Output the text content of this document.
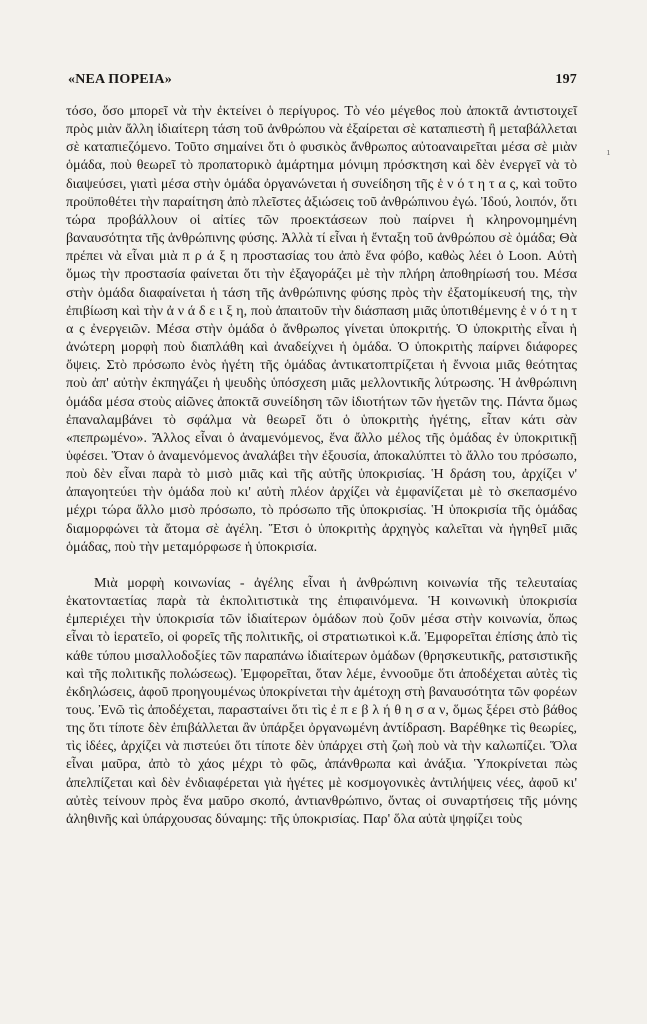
«ΝΕΑ ΠΟΡΕΙΑ»	197

τόσο, ὅσο μπορεῖ νὰ τὴν ἐκτείνει ὁ περίγυρος. Τὸ νέο μέγεθος ποὺ ἀποκτᾶ ἀντιστοιχεῖ πρὸς μιὰν ἄλλη ἰδιαίτερη τάση τοῦ ἀνθρώπου νὰ ἐξαίρεται σὲ καταπιεστὴ ἢ μεταβάλλεται σὲ καταπιεζόμενο. Τοῦτο σημαίνει ὅτι ὁ φυσικὸς ἄνθρωπος αὐτοαναιρεῖται μέσα σὲ μιὰν ὁμάδα, ποὺ θεωρεῖ τὸ προπατορικὸ ἁμάρτημα μόνιμη πρόσκτηση καὶ δὲν ἐνεργεῖ νὰ τὸ διαψεύσει, γιατὶ μέσα στὴν ὁμάδα ὀργανώνεται ἡ συνείδηση τῆς ἑ ν ό τ η τ α ς, καὶ τοῦτο προϋποθέτει τὴν παραίτηση ἀπὸ πλεῖστες ἀξιώσεις τοῦ ἀνθρώπινου ἐγώ. Ἰδού, λοιπόν, ὅτι τώρα προβάλλουν οἱ αἰτίες τῶν προεκτάσεων ποὺ παίρνει ἡ κληρονομημένη βαναυσότητα τῆς ἀνθρώπινης φύσης. Ἀλλὰ τί εἶναι ἡ ἔνταξη τοῦ ἀνθρώπου σὲ ὁμάδα; Θὰ πρέπει νὰ εἶναι μιὰ π ρ ά ξ η προστασίας του ἀπὸ ἕνα φόβο, καθὼς λέει ὁ Loon. Αὐτὴ ὅμως τὴν προστασία φαίνεται ὅτι τὴν ἐξαγοράζει μὲ τὴν πλήρη ἀποθηρίωσή του. Μέσα στὴν ὁμάδα διαφαίνεται ἡ τάση τῆς ἀνθρώπινης φύσης πρὸς τὴν ἐξατομίκευσή της, τὴν ἐπιβίωση καὶ τὴν ἀ ν ά δ ε ι ξ η, ποὺ ἀπαιτοῦν τὴν διάσπαση μιᾶς ὑποτιθέμενης ἑ ν ό τ η τ α ς ἐνεργειῶν. Μέσα στὴν ὁμάδα ὁ ἄνθρωπος γίνεται ὑποκριτής. Ὁ ὑποκριτὴς εἶναι ἡ ἀνώτερη μορφὴ ποὺ διαπλάθη καὶ ἀναδείχνει ἡ ὁμάδα. Ὁ ὑποκριτὴς παίρνει διάφορες ὄψεις. Στὸ πρόσωπο ἑνὸς ἡγέτη τῆς ὁμάδας ἀντικατοπτρίζεται ἡ ἔννοια μιᾶς θεότητας ποὺ ἀπ' αὐτὴν ἐκπηγάζει ἡ ψευδὴς ὑπόσχεση μιᾶς μελλοντικῆς λύτρωσης. Ἡ ἀνθρώπινη ὁμάδα μέσα στοὺς αἰῶνες ἀποκτᾶ συνείδηση τῶν ἰδιοτήτων τῶν ἡγετῶν της. Πάντα ὅμως ἐπαναλαμβάνει τὸ σφάλμα νὰ θεωρεῖ ὅτι ὁ ὑποκριτὴς ἡγέτης, εἶταν κάτι σὰν «πεπρωμένο». Ἄλλος εἶναι ὁ ἀναμενόμενος, ἕνα ἄλλο μέλος τῆς ὁμάδας ἐν ὑποκριτικῇ ὑφέσει. Ὅταν ὁ ἀναμενόμενος ἀναλάβει τὴν ἐξουσία, ἀποκαλύπτει τὸ ἄλλο του πρόσωπο, ποὺ δὲν εἶναι παρὰ τὸ μισὸ μιᾶς καὶ τῆς αὐτῆς ὑποκρισίας. Ἡ δράση του, ἀρχίζει ν' ἀπαγοητεύει τὴν ὁμάδα ποὺ κι' αὐτὴ πλέον ἀρχίζει νὰ ἐμφανίζεται μὲ τὸ σκεπασμένο μέχρι τώρα ἄλλο μισὸ πρόσωπο, τὸ πρόσωπο τῆς ὑποκρισίας. Ἡ ὑποκρισία τῆς ὁμάδας διαμορφώνει τὰ ἄτομα σὲ ἀγέλη. Ἔτσι ὁ ὑποκριτὴς ἀρχηγὸς καλεῖται νὰ ἡγηθεῖ μιᾶς ὁμάδας, ποὺ τὴν μεταμόρφωσε ἡ ὑποκρισία.

Μιὰ μορφὴ κοινωνίας - ἀγέλης εἶναι ἡ ἀνθρώπινη κοινωνία τῆς τελευταίας ἑκατονταετίας παρὰ τὰ ἐκπολιτιστικὰ της ἐπιφαινόμενα. Ἡ κοινωνικὴ ὑποκρισία ἐμπεριέχει τὴν ὑποκρισία τῶν ἰδιαίτερων ὁμάδων ποὺ ζοῦν μέσα στὴν κοινωνία, ὅπως εἶναι τὸ ἱερατεῖο, οἱ φορεῖς τῆς πολιτικῆς, οἱ στρατιωτικοὶ κ.ἄ. Ἐμφορεῖται ἐπίσης ἀπὸ τὶς κάθε τύπου μισαλλοδοξίες τῶν παραπάνω ἰδιαίτερων ὁμάδων (θρησκευτικῆς, ρατσιστικῆς καὶ τῆς πολιτικῆς πολώσεως). Ἐμφορεῖται, ὅταν λέμε, ἐννοοῦμε ὅτι ἀποδέχεται αὐτὲς τὶς ἐκδηλώσεις, ἀφοῦ προηγουμένως ὑποκρίνεται τὴν ἀμέτοχη στὴ βαναυσότητα τῶν φορέων τους. Ἐνῶ τὶς ἀποδέχεται, παρασταίνει ὅτι τὶς ἐ π ε β λ ή θ η σ α ν, ὅμως ξέρει στὸ βάθος της ὅτι τίποτε δὲν ἐπιβάλλεται ἂν ὑπάρξει ὀργανωμένη ἀντίδραση. Βαρέθηκε τὶς θεωρίες, τὶς ἰδέες, ἀρχίζει νὰ πιστεύει ὅτι τίποτε δὲν ὑπάρχει στὴ ζωὴ ποὺ νὰ τὴν καλωπίζει. Ὅλα εἶναι μαῦρα, ἀπὸ τὸ χάος μέχρι τὸ φῶς, ἀπάνθρωπα καὶ ἀνάξια. Ὑποκρίνεται πὼς ἀπελπίζεται καὶ δὲν ἐνδιαφέρεται γιὰ ἡγέτες μὲ κοσμογονικὲς ἀντιλήψεις νέες, ἀφοῦ κι' αὐτὲς τείνουν πρὸς ἕνα μαῦρο σκοπό, ἀντιανθρώπινο, ὄντας οἱ συναρτήσεις τῆς μόνης ἀληθινῆς καὶ ὑπάρχουσας δύναμης: τῆς ὑποκρισίας. Παρ' ὅλα αὐτὰ ψηφίζει τοὺς

ı
